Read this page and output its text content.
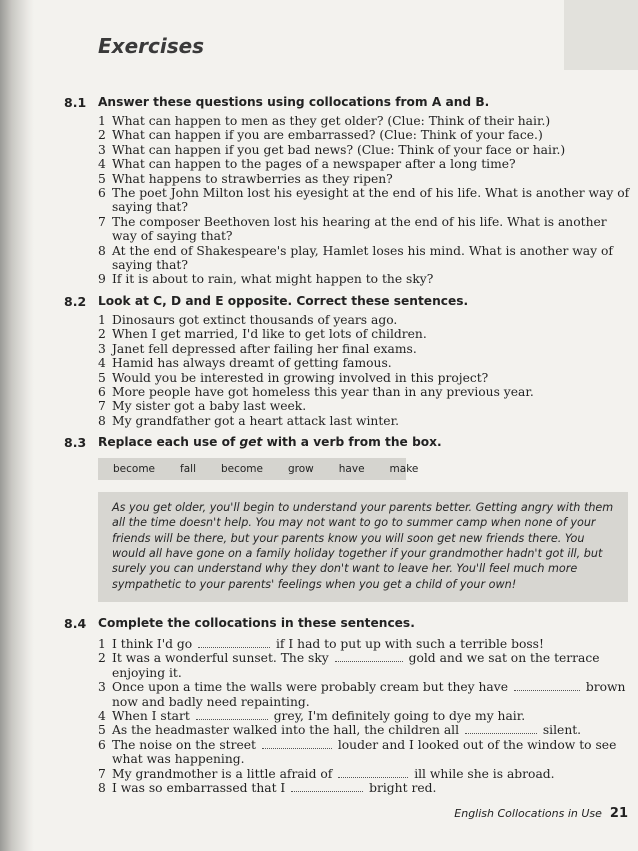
Exercises
8.1 Answer these questions using collocations from A and B.
1 What can happen to men as they get older? (Clue: Think of their hair.)
2 What can happen if you are embarrassed? (Clue: Think of your face.)
3 What can happen if you get bad news? (Clue: Think of your face or hair.)
4 What can happen to the pages of a newspaper after a long time?
5 What happens to strawberries as they ripen?
6 The poet John Milton lost his eyesight at the end of his life. What is another way of saying that?
7 The composer Beethoven lost his hearing at the end of his life. What is another way of saying that?
8 At the end of Shakespeare's play, Hamlet loses his mind. What is another way of saying that?
9 If it is about to rain, what might happen to the sky?
8.2 Look at C, D and E opposite. Correct these sentences.
1 Dinosaurs got extinct thousands of years ago.
2 When I get married, I'd like to get lots of children.
3 Janet fell depressed after failing her final exams.
4 Hamid has always dreamt of getting famous.
5 Would you be interested in growing involved in this project?
6 More people have got homeless this year than in any previous year.
7 My sister got a baby last week.
8 My grandfather got a heart attack last winter.
8.3 Replace each use of get with a verb from the box.
become fall become grow have make
As you get older, you'll begin to understand your parents better. Getting angry with them all the time doesn't help. You may not want to go to summer camp when none of your friends will be there, but your parents know you will soon get new friends there. You would all have gone on a family holiday together if your grandmother hadn't got ill, but surely you can understand why they don't want to leave her. You'll feel much more sympathetic to your parents' feelings when you get a child of your own!
8.4 Complete the collocations in these sentences.
1 I think I'd go	if I had to put up with such a terrible boss!
2 It was a wonderful sunset. The sky	gold and we sat on the terrace enjoying it.
3 Once upon a time the walls were probably cream but they have	brown now and badly need repainting.
4 When I start	grey, I'm definitely going to dye my hair.
5 As the headmaster walked into the hall, the children all	silent.
6 The noise on the street	louder and I looked out of the window to see what was happening.
7 My grandmother is a little afraid of	ill while she is abroad.
8 I was so embarrassed that I	bright red.
English Collocations in Use 21
